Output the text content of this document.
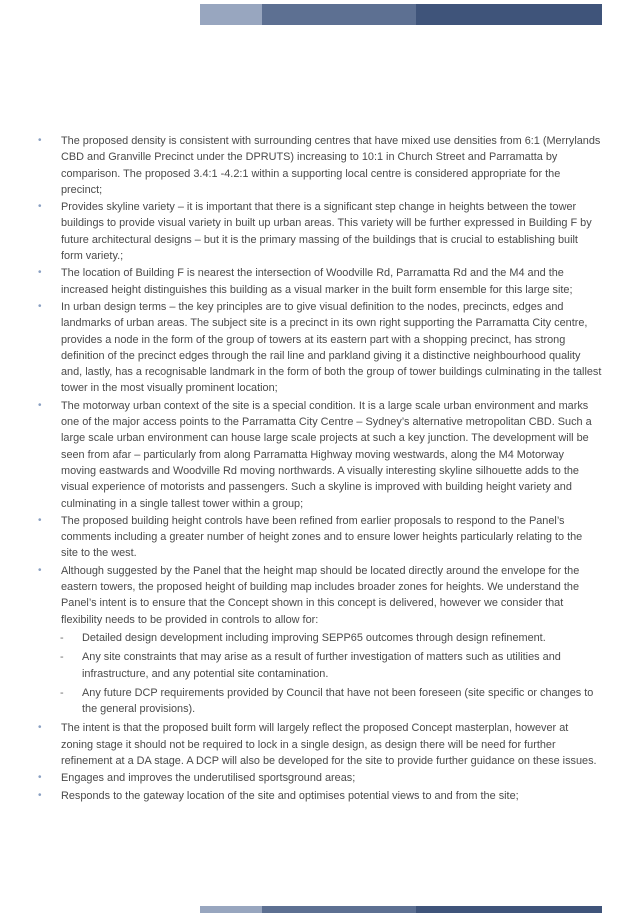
• The proposed density is consistent with surrounding centres that have mixed use densities from 6:1 (Merrylands CBD and Granville Precinct under the DPRUTS) increasing to 10:1 in Church Street and Parramatta by comparison. The proposed 3.4:1 -4.2:1 within a supporting local centre is considered appropriate for the precinct;
• Provides skyline variety – it is important that there is a significant step change in heights between the tower buildings to provide visual variety in built up urban areas. This variety will be further expressed in Building F by future architectural designs – but it is the primary massing of the buildings that is crucial to establishing built form variety.;
• The location of Building F is nearest the intersection of Woodville Rd, Parramatta Rd and the M4 and the increased height distinguishes this building as a visual marker in the built form ensemble for this large site;
• In urban design terms – the key principles are to give visual definition to the nodes, precincts, edges and landmarks of urban areas. The subject site is a precinct in its own right supporting the Parramatta City centre, provides a node in the form of the group of towers at its eastern part with a shopping precinct, has strong definition of the precinct edges through the rail line and parkland giving it a distinctive neighbourhood quality and, lastly, has a recognisable landmark in the form of both the group of tower buildings culminating in the tallest tower in the most visually prominent location;
• The motorway urban context of the site is a special condition. It is a large scale urban environment and marks one of the major access points to the Parramatta City Centre – Sydney’s alternative metropolitan CBD. Such a large scale urban environment can house large scale projects at such a key junction. The development will be seen from afar – particularly from along Parramatta Highway moving westwards, along the M4 Motorway moving eastwards and Woodville Rd moving northwards. A visually interesting skyline silhouette adds to the visual experience of motorists and passengers. Such a skyline is improved with building height variety and culminating in a single tallest tower within a group;
• The proposed building height controls have been refined from earlier proposals to respond to the Panel’s comments including a greater number of height zones and to ensure lower heights particularly relating to the site to the west.
• Although suggested by the Panel that the height map should be located directly around the envelope for the eastern towers, the proposed height of building map includes broader zones for heights. We understand the Panel’s intent is to ensure that the Concept shown in this concept is delivered, however we consider that flexibility needs to be provided in controls to allow for:
- Detailed design development including improving SEPP65 outcomes through design refinement.
- Any site constraints that may arise as a result of further investigation of matters such as utilities and infrastructure, and any potential site contamination.
- Any future DCP requirements provided by Council that have not been foreseen (site specific or changes to the general provisions).
• The intent is that the proposed built form will largely reflect the proposed Concept masterplan, however at zoning stage it should not be required to lock in a single design, as design there will be need for further refinement at a DA stage. A DCP will also be developed for the site to provide further guidance on these issues.
• Engages and improves the underutilised sportsground areas;
• Responds to the gateway location of the site and optimises potential views to and from the site;
